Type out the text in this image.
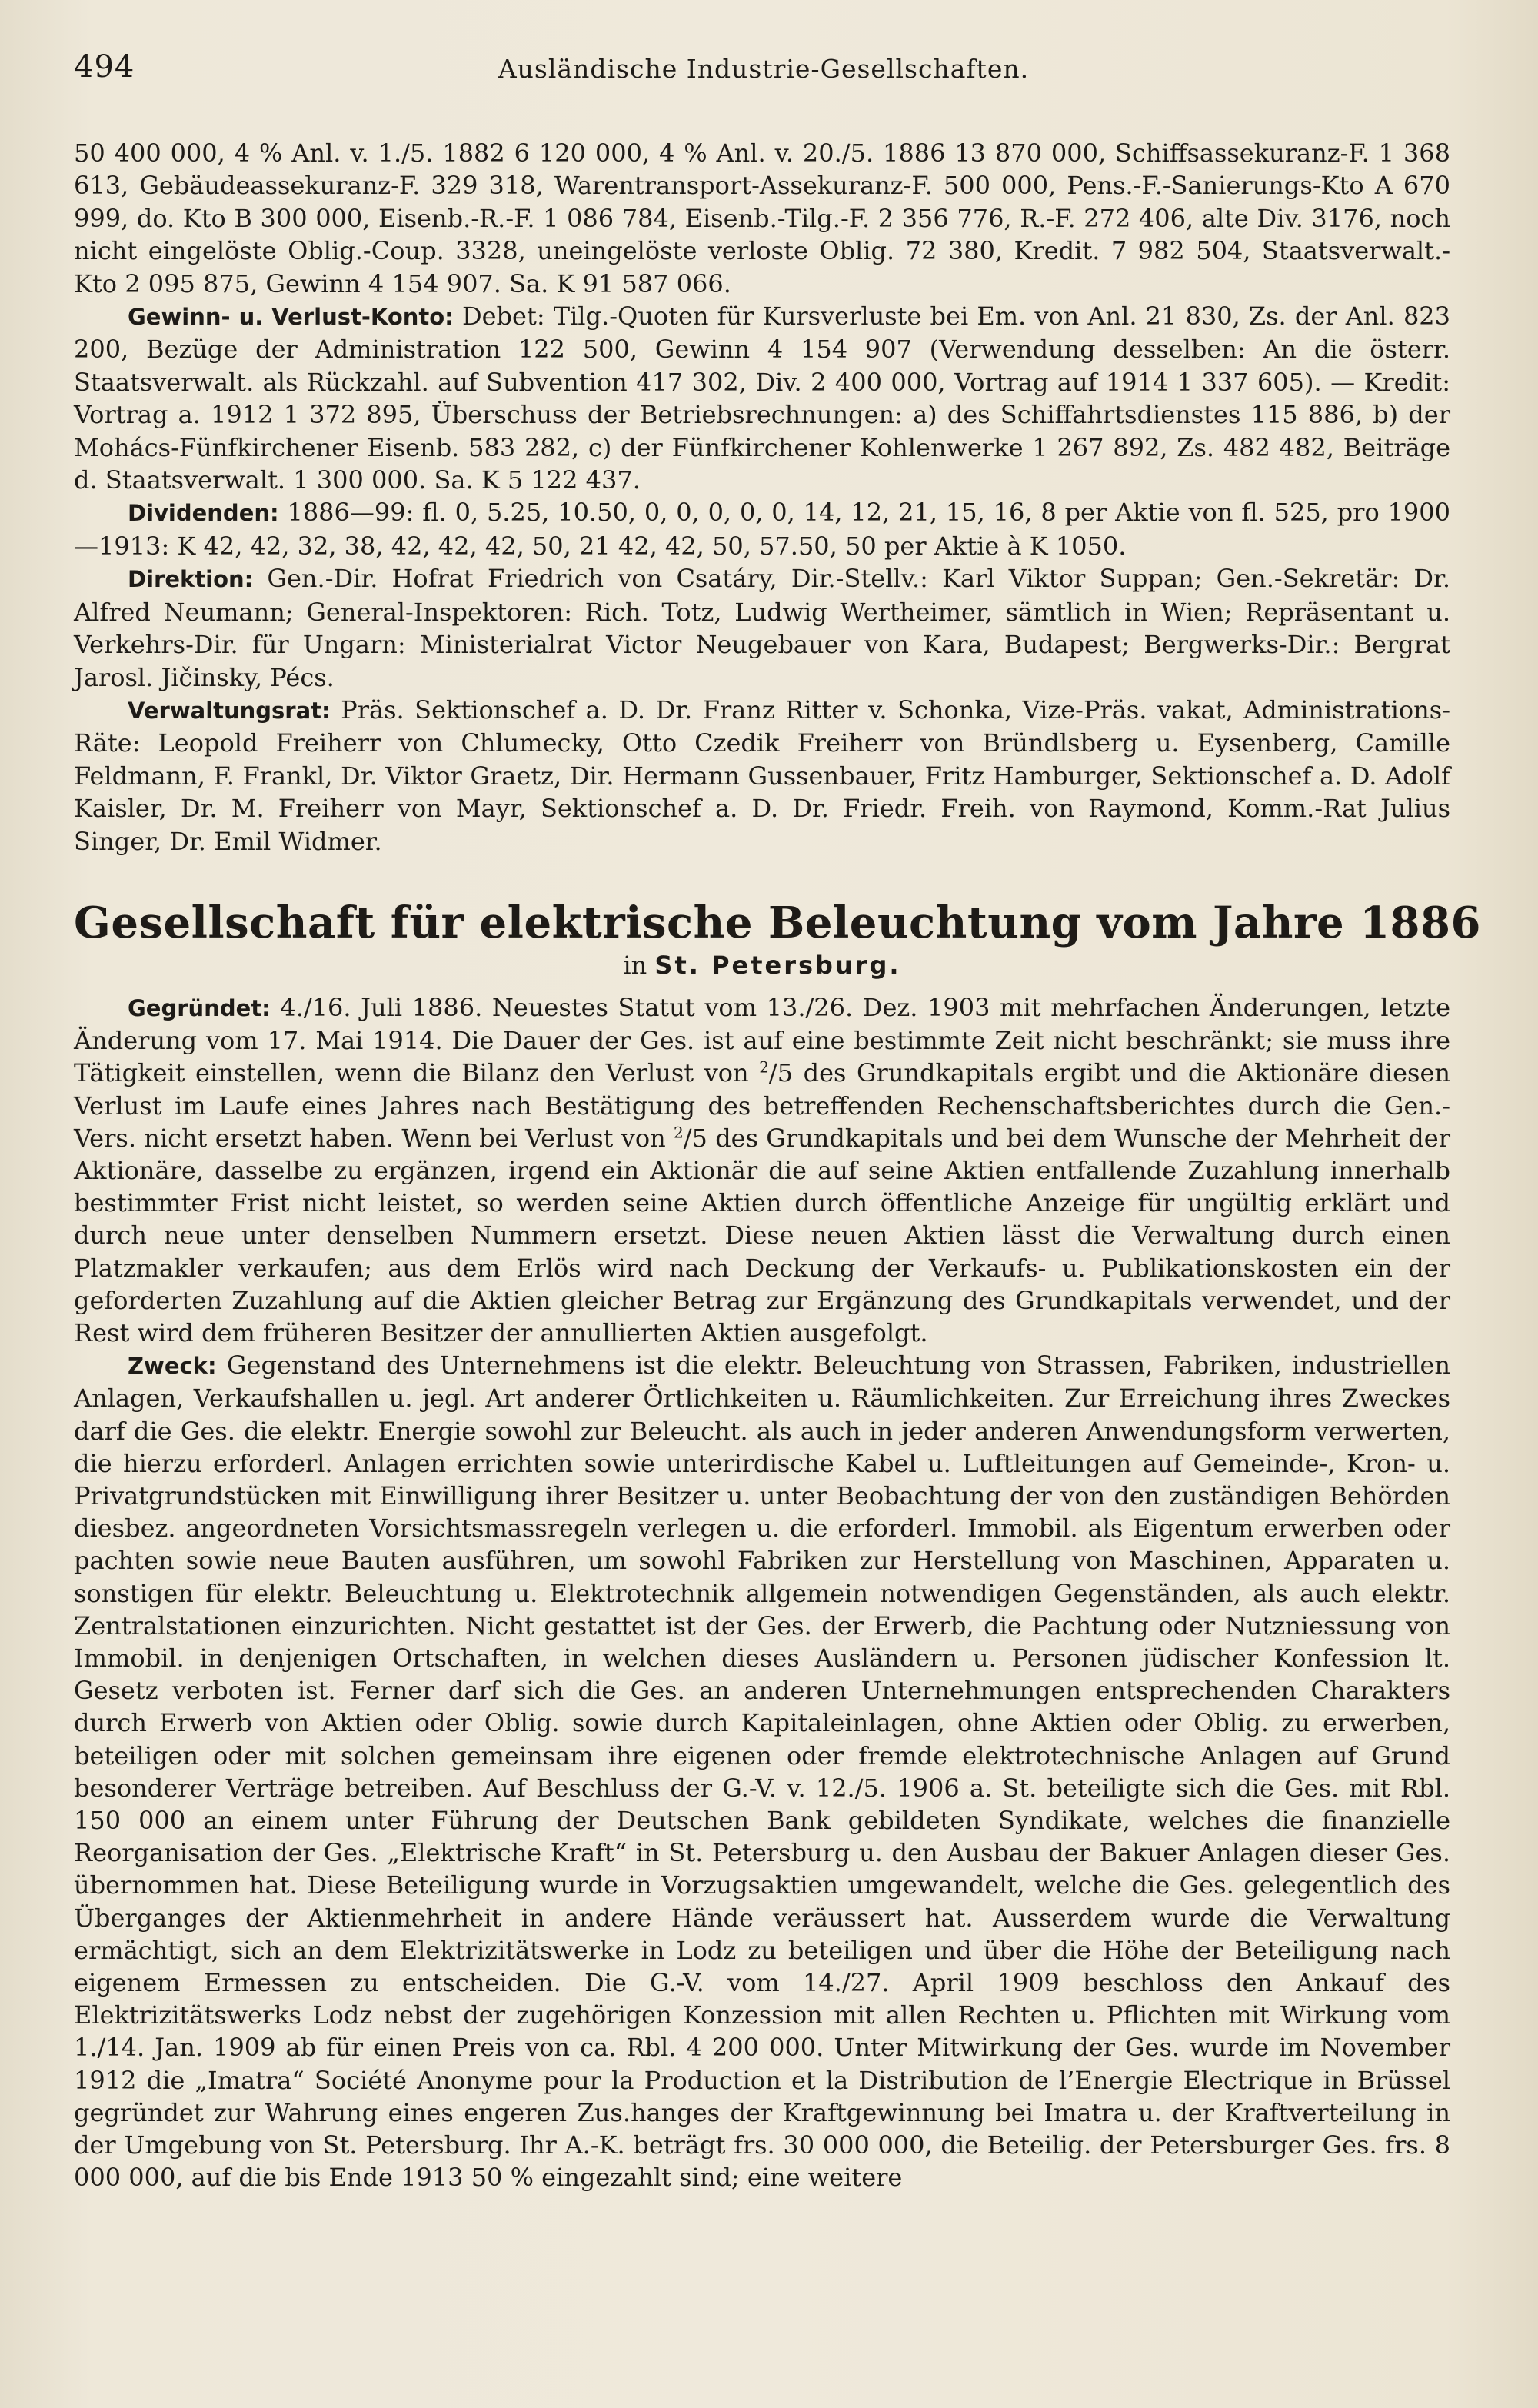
494	Ausländische Industrie-Gesellschaften.

50 400 000, 4 % Anl. v. 1./5. 1882 6 120 000, 4 % Anl. v. 20./5. 1886 13 870 000, Schiffsassekuranz-F. 1 368 613, Gebäudeassekuranz-F. 329 318, Warentransport-Assekuranz-F. 500 000, Pens.-F.-Sanierungs-Kto A 670 999, do. Kto B 300 000, Eisenb.-R.-F. 1 086 784, Eisenb.-Tilg.-F. 2 356 776, R.-F. 272 406, alte Div. 3176, noch nicht eingelöste Oblig.-Coup. 3328, uneingelöste verloste Oblig. 72 380, Kredit. 7 982 504, Staatsverwalt.-Kto 2 095 875, Gewinn 4 154 907. Sa. K 91 587 066.

Gewinn- u. Verlust-Konto: Debet: Tilg.-Quoten für Kursverluste bei Em. von Anl. 21 830, Zs. der Anl. 823 200, Bezüge der Administration 122 500, Gewinn 4 154 907 (Verwendung desselben: An die österr. Staatsverwalt. als Rückzahl. auf Subvention 417 302, Div. 2 400 000, Vortrag auf 1914 1 337 605). — Kredit: Vortrag a. 1912 1 372 895, Überschuss der Betriebsrechnungen: a) des Schiffahrtsdienstes 115 886, b) der Mohács-Fünfkirchener Eisenb. 583 282, c) der Fünfkirchener Kohlenwerke 1 267 892, Zs. 482 482, Beiträge d. Staatsverwalt. 1 300 000. Sa. K 5 122 437.

Dividenden: 1886—99: fl. 0, 5.25, 10.50, 0, 0, 0, 0, 0, 14, 12, 21, 15, 16, 8 per Aktie von fl. 525, pro 1900—1913: K 42, 42, 32, 38, 42, 42, 42, 50, 21 42, 42, 50, 57.50, 50 per Aktie à K 1050.

Direktion: Gen.-Dir. Hofrat Friedrich von Csatáry, Dir.-Stellv.: Karl Viktor Suppan; Gen.-Sekretär: Dr. Alfred Neumann; General-Inspektoren: Rich. Totz, Ludwig Wertheimer, sämtlich in Wien; Repräsentant u. Verkehrs-Dir. für Ungarn: Ministerialrat Victor Neugebauer von Kara, Budapest; Bergwerks-Dir.: Bergrat Jarosl. Jičinsky, Pécs.

Verwaltungsrat: Präs. Sektionschef a. D. Dr. Franz Ritter v. Schonka, Vize-Präs. vakat, Administrations-Räte: Leopold Freiherr von Chlumecky, Otto Czedik Freiherr von Bründlsberg u. Eysenberg, Camille Feldmann, F. Frankl, Dr. Viktor Graetz, Dir. Hermann Gussenbauer, Fritz Hamburger, Sektionschef a. D. Adolf Kaisler, Dr. M. Freiherr von Mayr, Sektionschef a. D. Dr. Friedr. Freih. von Raymond, Komm.-Rat Julius Singer, Dr. Emil Widmer.

Gesellschaft für elektrische Beleuchtung vom Jahre 1886
in St. Petersburg.

Gegründet: 4./16. Juli 1886. Neuestes Statut vom 13./26. Dez. 1903 mit mehrfachen Änderungen, letzte Änderung vom 17. Mai 1914. Die Dauer der Ges. ist auf eine bestimmte Zeit nicht beschränkt; sie muss ihre Tätigkeit einstellen, wenn die Bilanz den Verlust von $^2$/5 des Grundkapitals ergibt und die Aktionäre diesen Verlust im Laufe eines Jahres nach Bestätigung des betreffenden Rechenschaftsberichtes durch die Gen.-Vers. nicht ersetzt haben. Wenn bei Verlust von $^2$/5 des Grundkapitals und bei dem Wunsche der Mehrheit der Aktionäre, dasselbe zu ergänzen, irgend ein Aktionär die auf seine Aktien entfallende Zuzahlung innerhalb bestimmter Frist nicht leistet, so werden seine Aktien durch öffentliche Anzeige für ungültig erklärt und durch neue unter denselben Nummern ersetzt. Diese neuen Aktien lässt die Verwaltung durch einen Platzmakler verkaufen; aus dem Erlös wird nach Deckung der Verkaufs- u. Publikationskosten ein der geforderten Zuzahlung auf die Aktien gleicher Betrag zur Ergänzung des Grundkapitals verwendet, und der Rest wird dem früheren Besitzer der annullierten Aktien ausgefolgt.

Zweck: Gegenstand des Unternehmens ist die elektr. Beleuchtung von Strassen, Fabriken, industriellen Anlagen, Verkaufshallen u. jegl. Art anderer Örtlichkeiten u. Räumlichkeiten. Zur Erreichung ihres Zweckes darf die Ges. die elektr. Energie sowohl zur Beleucht. als auch in jeder anderen Anwendungsform verwerten, die hierzu erforderl. Anlagen errichten sowie unterirdische Kabel u. Luftleitungen auf Gemeinde-, Kron- u. Privatgrundstücken mit Einwilligung ihrer Besitzer u. unter Beobachtung der von den zuständigen Behörden diesbez. angeordneten Vorsichtsmassregeln verlegen u. die erforderl. Immobil. als Eigentum erwerben oder pachten sowie neue Bauten ausführen, um sowohl Fabriken zur Herstellung von Maschinen, Apparaten u. sonstigen für elektr. Beleuchtung u. Elektrotechnik allgemein notwendigen Gegenständen, als auch elektr. Zentralstationen einzurichten. Nicht gestattet ist der Ges. der Erwerb, die Pachtung oder Nutzniessung von Immobil. in denjenigen Ortschaften, in welchen dieses Ausländern u. Personen jüdischer Konfession lt. Gesetz verboten ist. Ferner darf sich die Ges. an anderen Unternehmungen entsprechenden Charakters durch Erwerb von Aktien oder Oblig. sowie durch Kapitaleinlagen, ohne Aktien oder Oblig. zu erwerben, beteiligen oder mit solchen gemeinsam ihre eigenen oder fremde elektrotechnische Anlagen auf Grund besonderer Verträge betreiben. Auf Beschluss der G.-V. v. 12./5. 1906 a. St. beteiligte sich die Ges. mit Rbl. 150 000 an einem unter Führung der Deutschen Bank gebildeten Syndikate, welches die finanzielle Reorganisation der Ges. „Elektrische Kraft“ in St. Petersburg u. den Ausbau der Bakuer Anlagen dieser Ges. übernommen hat. Diese Beteiligung wurde in Vorzugsaktien umgewandelt, welche die Ges. gelegentlich des Überganges der Aktienmehrheit in andere Hände veräussert hat. Ausserdem wurde die Verwaltung ermächtigt, sich an dem Elektrizitätswerke in Lodz zu beteiligen und über die Höhe der Beteiligung nach eigenem Ermessen zu entscheiden. Die G.-V. vom 14./27. April 1909 beschloss den Ankauf des Elektrizitätswerks Lodz nebst der zugehörigen Konzession mit allen Rechten u. Pflichten mit Wirkung vom 1./14. Jan. 1909 ab für einen Preis von ca. Rbl. 4 200 000. Unter Mitwirkung der Ges. wurde im November 1912 die „Imatra“ Société Anonyme pour la Production et la Distribution de l’Energie Electrique in Brüssel gegründet zur Wahrung eines engeren Zus.hanges der Kraftgewinnung bei Imatra u. der Kraftverteilung in der Umgebung von St. Petersburg. Ihr A.-K. beträgt frs. 30 000 000, die Beteilig. der Petersburger Ges. frs. 8 000 000, auf die bis Ende 1913 50 % eingezahlt sind; eine weitere
